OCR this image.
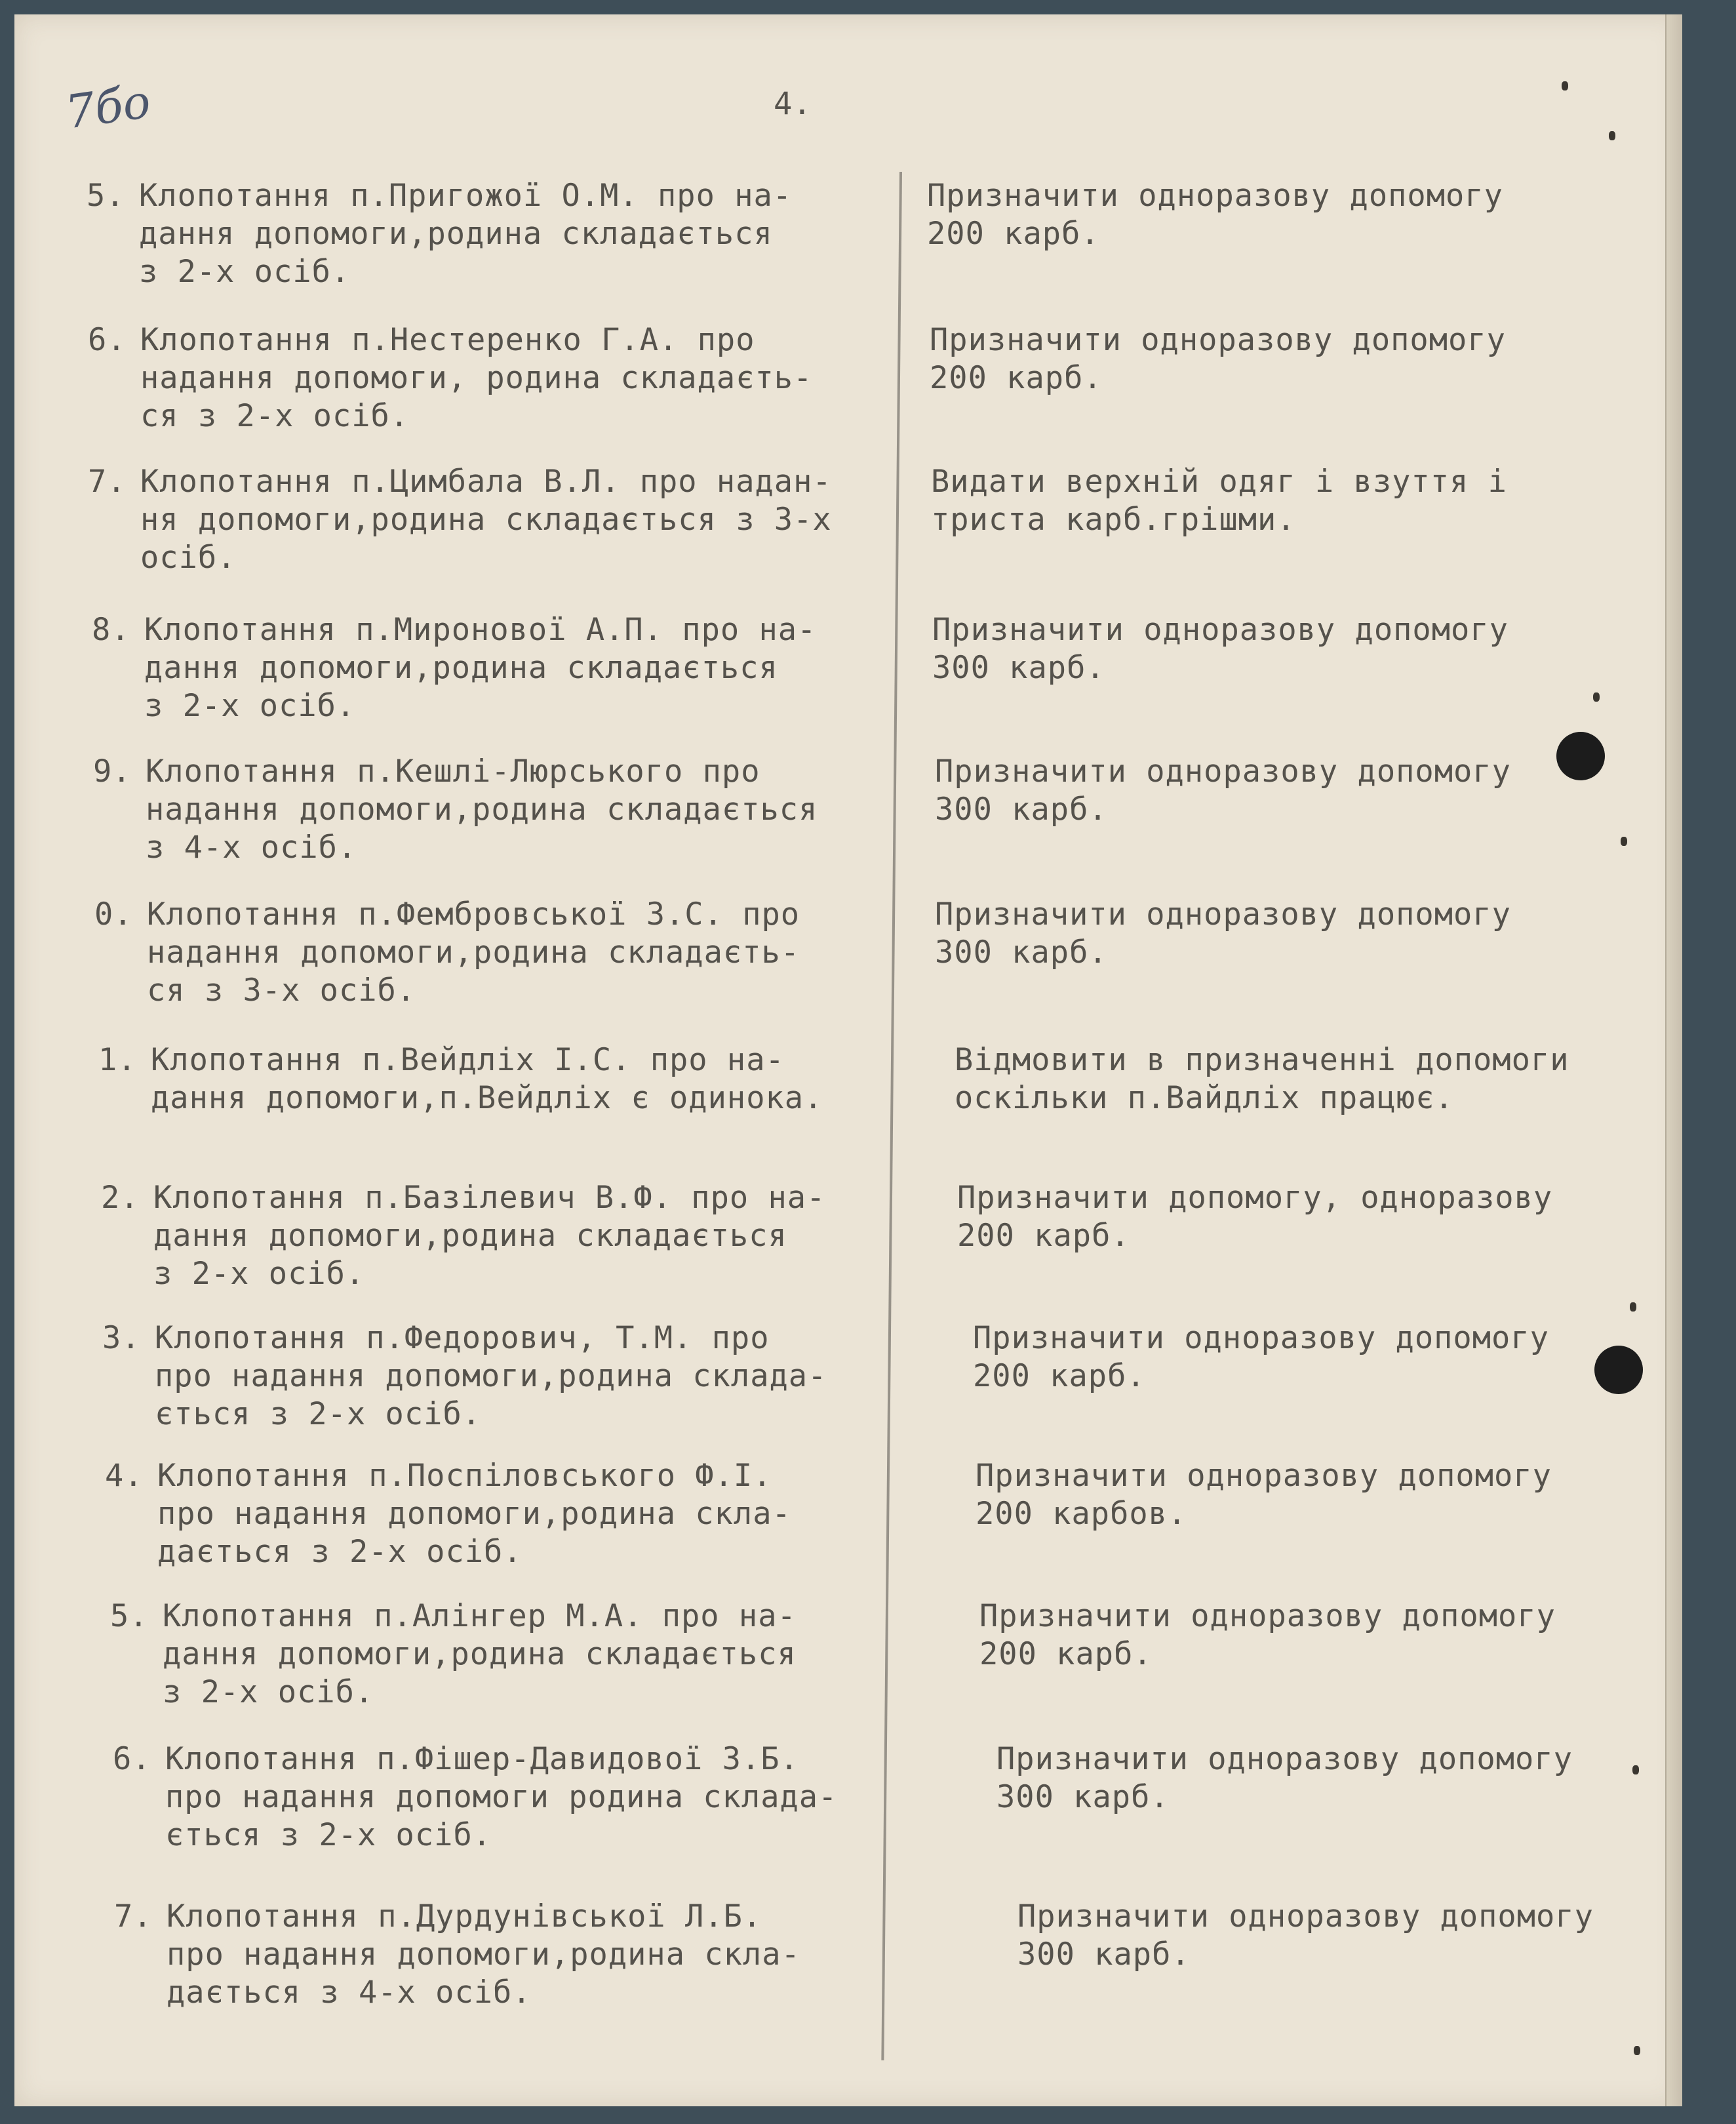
7бо	4.
5. Клопотання п.Пригожої О.М. про на-
дання допомоги,родина складається
з 2-х осіб.
Призначити одноразову допомогу
200 карб.
6. Клопотання п.Нестеренко Г.А. про
надання допомоги, родина складаєть-
ся з 2-х осіб.
Призначити одноразову допомогу
200 карб.
7. Клопотання п.Цимбала В.Л. про надан-
ня допомоги,родина складається з 3-х
осіб.
Видати верхній одяг і взуття і
триста карб.грішми.
8. Клопотання п.Миронової А.П. про на-
дання допомоги,родина складається
з 2-х осіб.
Призначити одноразову допомогу
300 карб.
9. Клопотання п.Кешлі-Люрського про
надання допомоги,родина складається
з 4-х осіб.
Призначити одноразову допомогу
300 карб.
0. Клопотання п.Фембровської З.С. про
надання допомоги,родина складаєть-
ся з 3-х осіб.
Призначити одноразову допомогу
300 карб.
1. Клопотання п.Вейдліх І.С. про на-
дання допомоги,п.Вейдліх є одинока.
Відмовити в призначенні допомоги
оскільки п.Вайдліх працює.
2. Клопотання п.Базілевич В.Ф. про на-
дання допомоги,родина складається
з 2-х осіб.
Призначити допомогу, одноразову
200 карб.
3. Клопотання п.Федорович, Т.М. про
про надання допомоги,родина склада-
ється з 2-х осіб.
Призначити одноразову допомогу
200 карб.
4. Клопотання п.Поспіловського Ф.І.
про надання допомоги,родина скла-
дається з 2-х осіб.
Призначити одноразову допомогу
200 карбов.
5. Клопотання п.Алінгер М.А. про на-
дання допомоги,родина складається
з 2-х осіб.
Призначити одноразову допомогу
200 карб.
6. Клопотання п.Фішер-Давидової З.Б.
про надання допомоги родина склада-
ється з 2-х осіб.
Призначити одноразову допомогу
300 карб.
7. Клопотання п.Дурдунівської Л.Б.
про надання допомоги,родина скла-
дається з 4-х осіб.
Призначити одноразову допомогу
300 карб.
